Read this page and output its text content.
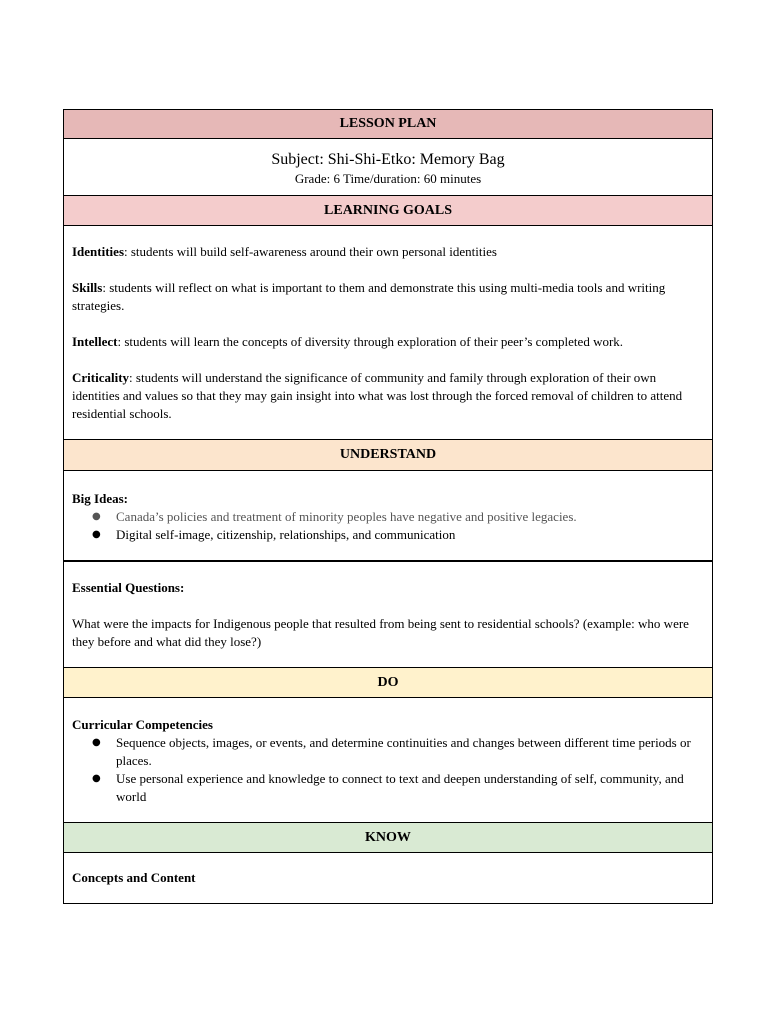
LESSON PLAN

Subject: Shi-Shi-Etko: Memory Bag
Grade: 6 Time/duration: 60 minutes

LEARNING GOALS

Identities: students will build self-awareness around their own personal identities

Skills: students will reflect on what is important to them and demonstrate this using multi-media tools and writing strategies.

Intellect: students will learn the concepts of diversity through exploration of their peer’s completed work.

Criticality: students will understand the significance of community and family through exploration of their own identities and values so that they may gain insight into what was lost through the forced removal of children to attend residential schools.

UNDERSTAND

Big Ideas:

● Canada’s policies and treatment of minority peoples have negative and positive legacies.
● Digital self-image, citizenship, relationships, and communication

Essential Questions:

What were the impacts for Indigenous people that resulted from being sent to residential schools? (example: who were they before and what did they lose?)

DO

Curricular Competencies

● Sequence objects, images, or events, and determine continuities and changes between different time periods or places.
● Use personal experience and knowledge to connect to text and deepen understanding of self, community, and world

KNOW

Concepts and Content
